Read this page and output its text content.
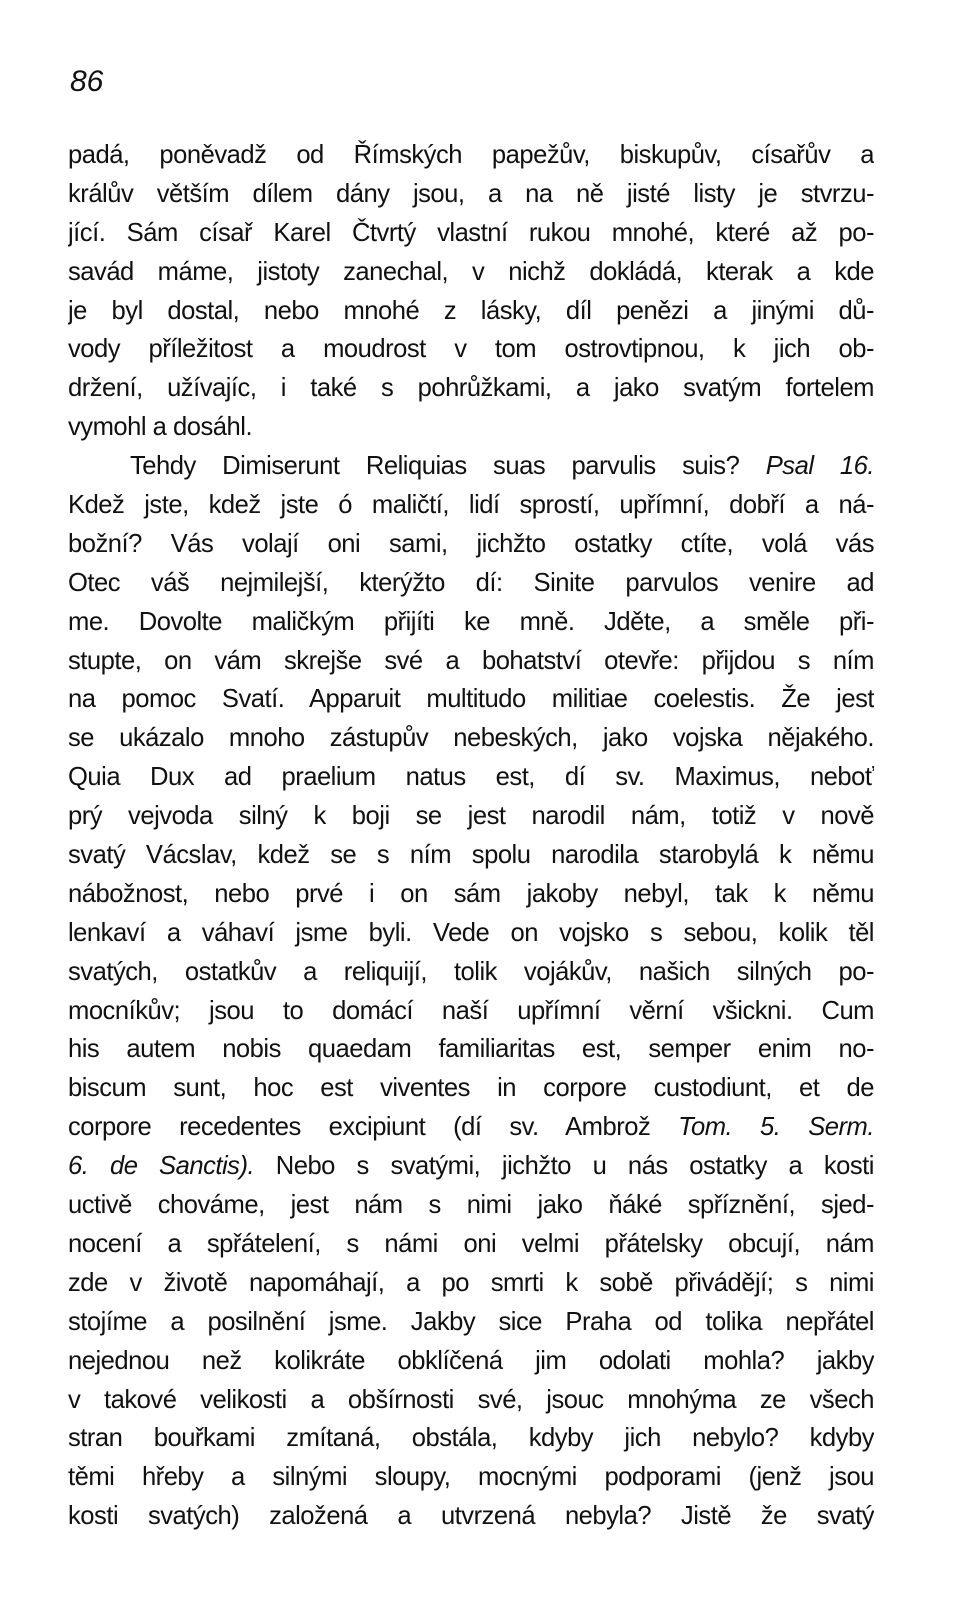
86
padá, poněvadž od Římských papežův, biskupův, císařův a
králův větším dílem dány jsou, a na ně jisté listy je stvrzu-
jící. Sám císař Karel Čtvrtý vlastní rukou mnohé, které až po-
savád máme, jistoty zanechal, v nichž dokládá, kterak a kde
je byl dostal, nebo mnohé z lásky, díl penězi a jinými dů-
vody příležitost a moudrost v tom ostrovtipnou, k jich ob-
držení, užívajíc, i také s pohrůžkami, a jako svatým fortelem
vymohl a dosáhl.
Tehdy Dimiserunt Reliquias suas parvulis suis? Psal 16.
Kdež jste, kdež jste ó maličtí, lidí sprostí, upřímní, dobří a ná-
božní? Vás volají oni sami, jichžto ostatky ctíte, volá vás
Otec váš nejmilejší, kterýžto dí: Sinite parvulos venire ad
me. Dovolte maličkým přijíti ke mně. Jděte, a směle při-
stupte, on vám skrejše své a bohatství otevře: přijdou s ním
na pomoc Svatí. Apparuit multitudo militiae coelestis. Že jest
se ukázalo mnoho zástupův nebeských, jako vojska nějakého.
Quia Dux ad praelium natus est, dí sv. Maximus, neboť
prý vejvoda silný k boji se jest narodil nám, totiž v nově
svatý Vácslav, kdež se s ním spolu narodila starobylá k němu
nábožnost, nebo prvé i on sám jakoby nebyl, tak k němu
lenkaví a váhaví jsme byli. Vede on vojsko s sebou, kolik těl
svatých, ostatkův a reliquijí, tolik vojákův, našich silných po-
mocníkův; jsou to domácí naší upřímní věrní všickni. Cum
his autem nobis quaedam familiaritas est, semper enim no-
biscum sunt, hoc est viventes in corpore custodiunt, et de
corpore recedentes excipiunt (dí sv. Ambrož Tom. 5. Serm.
6. de Sanctis). Nebo s svatými, jichžto u nás ostatky a kosti
uctivě chováme, jest nám s nimi jako ňáké spříznění, sjed-
nocení a spřátelení, s námi oni velmi přátelsky obcují, nám
zde v životě napomáhají, a po smrti k sobě přivádějí; s nimi
stojíme a posilnění jsme. Jakby sice Praha od tolika nepřátel
nejednou než kolikráte obklíčená jim odolati mohla? jakby
v takové velikosti a obšírnosti své, jsouc mnohýma ze všech
stran bouřkami zmítaná, obstála, kdyby jich nebylo? kdyby
těmi hřeby a silnými sloupy, mocnými podporami (jenž jsou
kosti svatých) založená a utvrzená nebyla? Jistě že svatý
